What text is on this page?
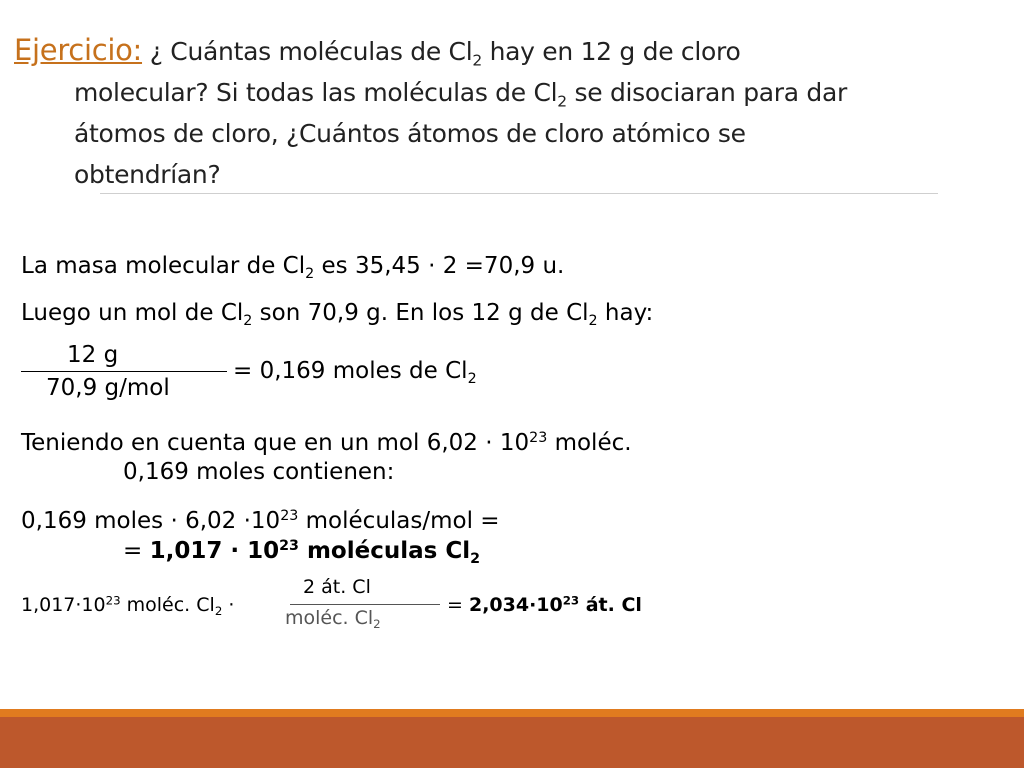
Ejercicio: ¿ Cuántas moléculas de $Cl_2$ hay en 12 g de cloro
molecular? Si todas las moléculas de $Cl_2$ se disociaran para dar
átomos de cloro, ¿Cuántos átomos de cloro atómico se
obtendrían?
La masa molecular de $Cl_2$ es 35,45 · 2 =70,9 u.
Luego un mol de $Cl_2$ son 70,9 g. En los 12 g de $Cl_2$ hay:
12 g
70,9 g/mol
= 0,169 moles de $Cl_2$
Teniendo en cuenta que en un mol $6,02 \cdot 10^{23}$ moléc.
0,169 moles contienen:
0,169 moles · $6,02 \cdot 10^{23}$ moléculas/mol =
= $1,017 \cdot 10^{23}$ moléculas $Cl_2$
$1,017\cdot 10^{23}$ moléc. $Cl_2$ ·
2 át. Cl
moléc. $Cl_2$
= $2,034\cdot 10^{23}$ át. Cl
